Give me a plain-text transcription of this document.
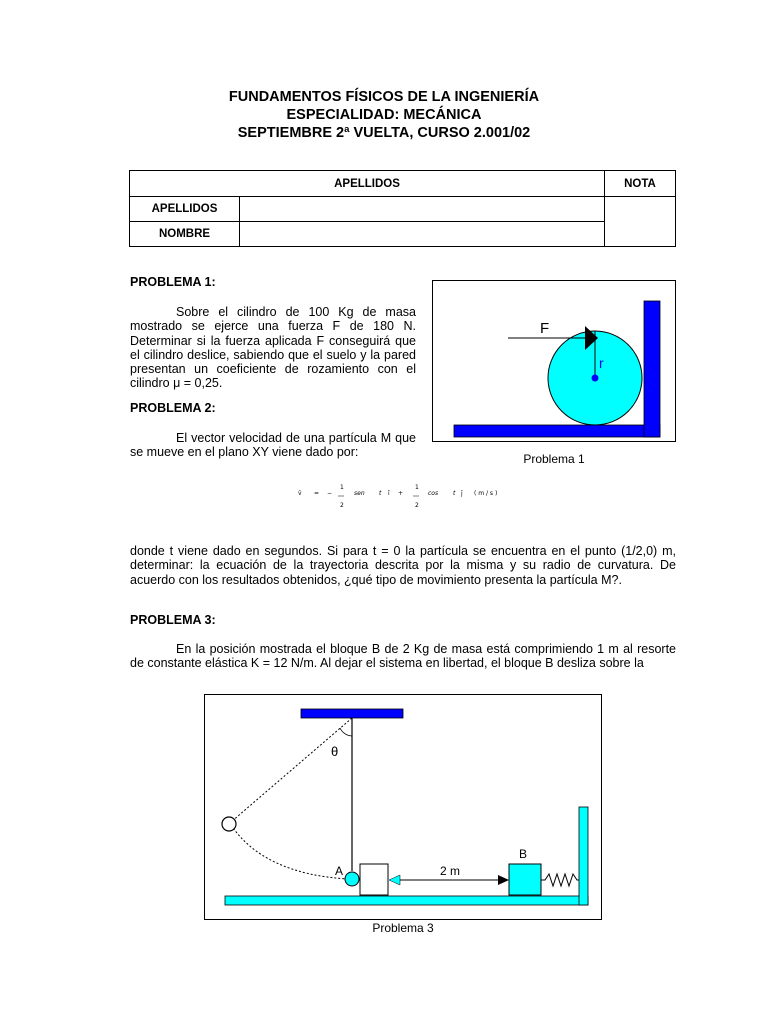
FUNDAMENTOS FÍSICOS DE LA INGENIERÍA
ESPECIALIDAD: MECÁNICA
SEPTIEMBRE 2ª VUELTA, CURSO 2.001/02
APELLIDOS		NOTA
APELLIDOS		
NOMBRE		
PROBLEMA 1:
Sobre el cilindro de 100 Kg de masa mostrado se ejerce una fuerza F de 180 N. Determinar si la fuerza aplicada F conseguirá que el cilindro deslice, sabiendo que el suelo y la pared presentan un coeficiente de rozamiento con el cilindro μ = 0,25.
F
r
Problema 1
PROBLEMA 2:
El vector velocidad de una partícula M que se mueve en el plano XY viene dado por:
v̄ = −
1
2
sen t ī +
1
2
cos t j̄ ( m / s )
donde t viene dado en segundos. Si para t = 0 la partícula se encuentra en el punto (1/2,0) m, determinar: la ecuación de la trayectoria descrita por la misma y su radio de curvatura. De acuerdo con los resultados obtenidos, ¿qué tipo de movimiento presenta la partícula M?.
PROBLEMA 3:
En la posición mostrada el bloque B de 2 Kg de masa está comprimiendo 1 m al resorte de constante elástica K = 12 N/m. Al dejar el sistema en libertad, el bloque B desliza sobre la
θ
A	2 m
B
Problema 3
